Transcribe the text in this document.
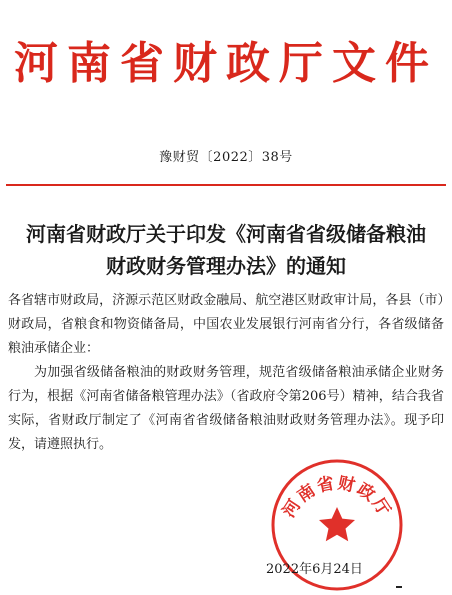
河南省财政厅文件
豫财贸〔2022〕38号
河南省财政厅关于印发《河南省省级储备粮油
财政财务管理办法》的通知

各省辖市财政局，济源示范区财政金融局、航空港区财政审计局，各县（市）财政局，省粮食和物资储备局，中国农业发展银行河南省分行，各省级储备粮油承储企业：

为加强省级储备粮油的财政财务管理，规范省级储备粮油承储企业财务行为，根据《河南省储备粮管理办法》（省政府令第206号）精神，结合我省实际，省财政厅制定了《河南省省级储备粮油财政财务管理办法》。现予印发，请遵照执行。

河南省财政厅
2022年6月24日
